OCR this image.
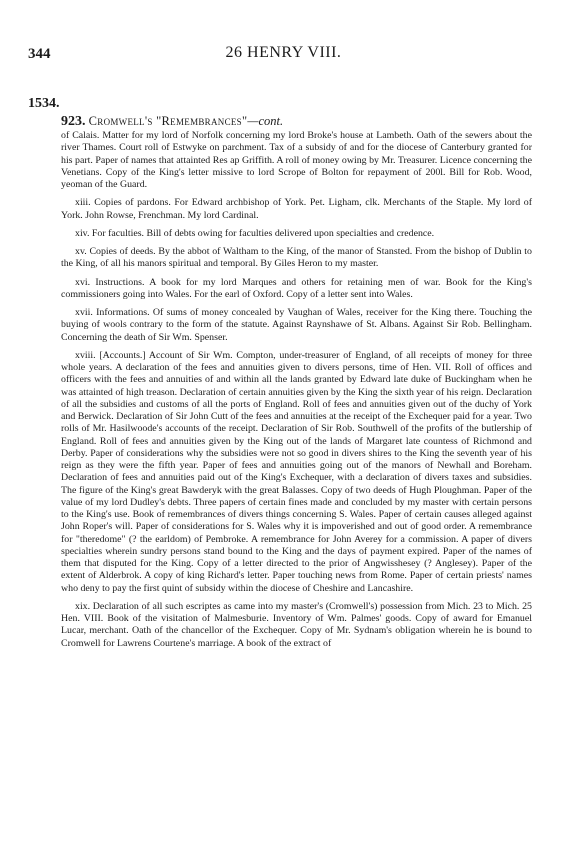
344	26 HENRY VIII.
1534.
923. Cromwell's "Remembrances"—cont.

of Calais. Matter for my lord of Norfolk concerning my lord Broke's house at Lambeth. Oath of the sewers about the river Thames. Court roll of Estwyke on parchment. Tax of a subsidy of and for the diocese of Canterbury granted for his part. Paper of names that attainted Res ap Griffith. A roll of money owing by Mr. Treasurer. Licence concerning the Venetians. Copy of the King's letter missive to lord Scrope of Bolton for repayment of 200l. Bill for Rob. Wood, yeoman of the Guard.

xiii. Copies of pardons. For Edward archbishop of York. Pet. Ligham, clk. Merchants of the Staple. My lord of York. John Rowse, Frenchman. My lord Cardinal.

xiv. For faculties. Bill of debts owing for faculties delivered upon specialties and credence.

xv. Copies of deeds. By the abbot of Waltham to the King, of the manor of Stansted. From the bishop of Dublin to the King, of all his manors spiritual and temporal. By Giles Heron to my master.

xvi. Instructions. A book for my lord Marques and others for retaining men of war. Book for the King's commissioners going into Wales. For the earl of Oxford. Copy of a letter sent into Wales.

xvii. Informations. Of sums of money concealed by Vaughan of Wales, receiver for the King there. Touching the buying of wools contrary to the form of the statute. Against Raynshawe of St. Albans. Against Sir Rob. Bellingham. Concerning the death of Sir Wm. Spenser.

xviii. [Accounts.] Account of Sir Wm. Compton, under-treasurer of England, of all receipts of money for three whole years. A declaration of the fees and annuities given to divers persons, time of Hen. VII. Roll of offices and officers with the fees and annuities of and within all the lands granted by Edward late duke of Buckingham when he was attainted of high treason. Declaration of certain annuities given by the King the sixth year of his reign. Declaration of all the subsidies and customs of all the ports of England. Roll of fees and annuities given out of the duchy of York and Berwick. Declaration of Sir John Cutt of the fees and annuities at the receipt of the Exchequer paid for a year. Two rolls of Mr. Hasilwoode's accounts of the receipt. Declaration of Sir Rob. Southwell of the profits of the butlership of England. Roll of fees and annuities given by the King out of the lands of Margaret late countess of Richmond and Derby. Paper of considerations why the subsidies were not so good in divers shires to the King the seventh year of his reign as they were the fifth year. Paper of fees and annuities going out of the manors of Newhall and Boreham. Declaration of fees and annuities paid out of the King's Exchequer, with a declaration of divers taxes and subsidies. The figure of the King's great Bawderyk with the great Balasses. Copy of two deeds of Hugh Ploughman. Paper of the value of my lord Dudley's debts. Three papers of certain fines made and concluded by my master with certain persons to the King's use. Book of remembrances of divers things concerning S. Wales. Paper of certain causes alleged against John Roper's will. Paper of considerations for S. Wales why it is impoverished and out of good order. A remembrance for "theredome" (? the earldom) of Pembroke. A remembrance for John Averey for a commission. A paper of divers specialties wherein sundry persons stand bound to the King and the days of payment expired. Paper of the names of them that disputed for the King. Copy of a letter directed to the prior of Angwisshesey (? Anglesey). Paper of the extent of Alderbrok. A copy of king Richard's letter. Paper touching news from Rome. Paper of certain priests' names who deny to pay the first quint of subsidy within the diocese of Cheshire and Lancashire.

xix. Declaration of all such escriptes as came into my master's (Cromwell's) possession from Mich. 23 to Mich. 25 Hen. VIII. Book of the visitation of Malmesburie. Inventory of Wm. Palmes' goods. Copy of award for Emanuel Lucar, merchant. Oath of the chancellor of the Exchequer. Copy of Mr. Sydnam's obligation wherein he is bound to Cromwell for Lawrens Courtene's marriage. A book of the extract of
